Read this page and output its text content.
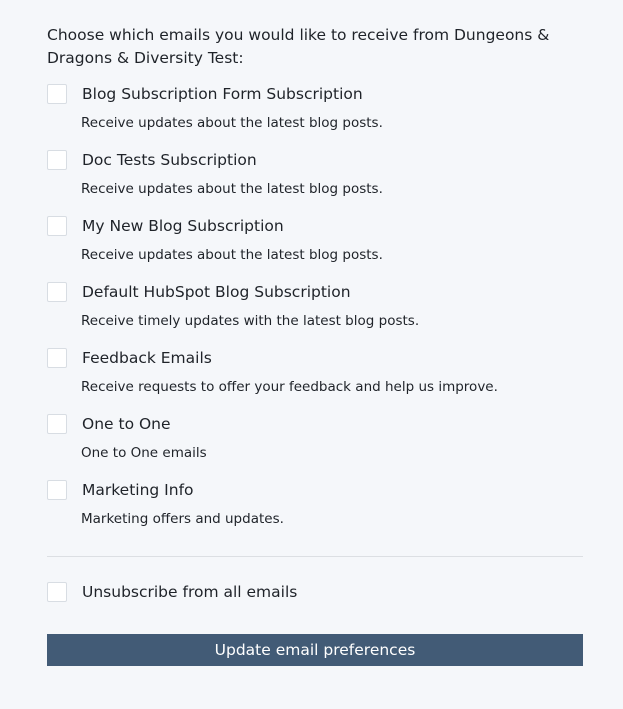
Choose which emails you would like to receive from Dungeons & Dragons & Diversity Test:

Blog Subscription Form Subscription
Receive updates about the latest blog posts.
Doc Tests Subscription
Receive updates about the latest blog posts.
My New Blog Subscription
Receive updates about the latest blog posts.
Default HubSpot Blog Subscription
Receive timely updates with the latest blog posts.
Feedback Emails
Receive requests to offer your feedback and help us improve.
One to One
One to One emails
Marketing Info
Marketing offers and updates.
Unsubscribe from all emails
Update email preferences
